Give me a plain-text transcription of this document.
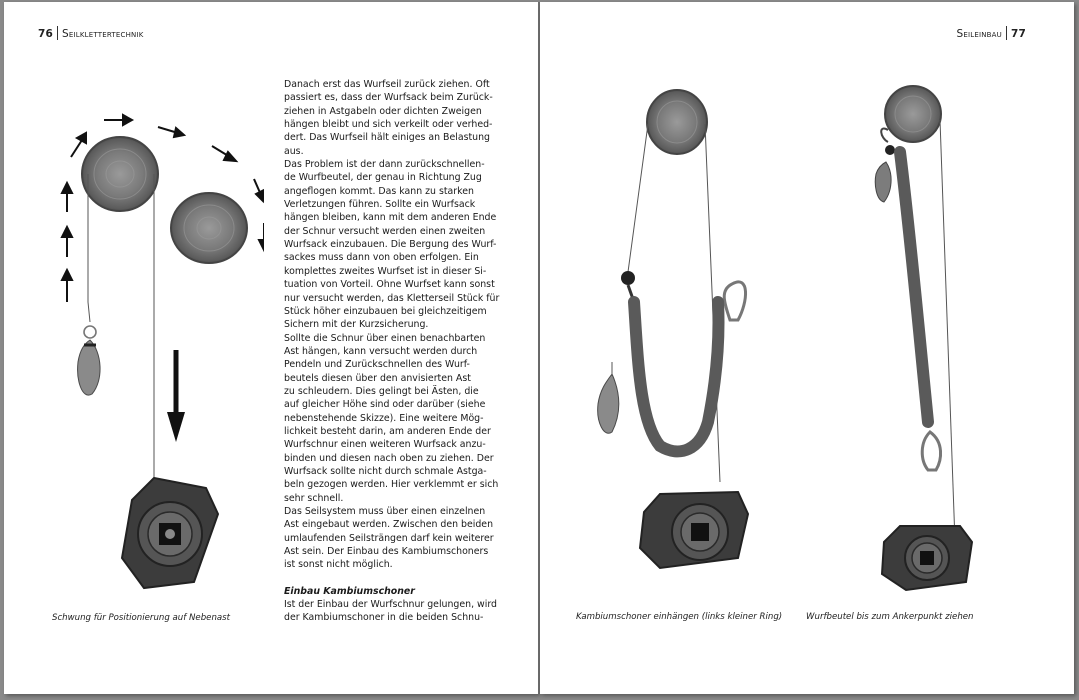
76 Seilklettertechnik
Schwung für Positionierung auf Nebenast
Danach erst das Wurfseil zurück ziehen. Oft
passiert es, dass der Wurfsack beim Zurück-
ziehen in Astgabeln oder dichten Zweigen
hängen bleibt und sich verkeilt oder verhed-
dert. Das Wurfseil hält einiges an Belastung
aus.
Das Problem ist der dann zurückschnellen-
de Wurfbeutel, der genau in Richtung Zug
angeflogen kommt. Das kann zu starken
Verletzungen führen. Sollte ein Wurfsack
hängen bleiben, kann mit dem anderen Ende
der Schnur versucht werden einen zweiten
Wurfsack einzubauen. Die Bergung des Wurf-
sackes muss dann von oben erfolgen. Ein
komplettes zweites Wurfset ist in dieser Si-
tuation von Vorteil. Ohne Wurfset kann sonst
nur versucht werden, das Kletterseil Stück für
Stück höher einzubauen bei gleichzeitigem
Sichern mit der Kurzsicherung.
Sollte die Schnur über einen benachbarten
Ast hängen, kann versucht werden durch
Pendeln und Zurückschnellen des Wurf-
beutels diesen über den anvisierten Ast
zu schleudern. Dies gelingt bei Ästen, die
auf gleicher Höhe sind oder darüber (siehe
nebenstehende Skizze). Eine weitere Mög-
lichkeit besteht darin, am anderen Ende der
Wurfschnur einen weiteren Wurfsack anzu-
binden und diesen nach oben zu ziehen. Der
Wurfsack sollte nicht durch schmale Astga-
beln gezogen werden. Hier verklemmt er sich
sehr schnell.
Das Seilsystem muss über einen einzelnen
Ast eingebaut werden. Zwischen den beiden
umlaufenden Seilsträngen darf kein weiterer
Ast sein. Der Einbau des Kambiumschoners
ist sonst nicht möglich.
Einbau Kambiumschoner
Ist der Einbau der Wurfschnur gelungen, wird
der Kambiumschoner in die beiden Schnu-
Seileinbau 77
Kambiumschoner einhängen (links kleiner Ring)	Wurfbeutel bis zum Ankerpunkt ziehen
